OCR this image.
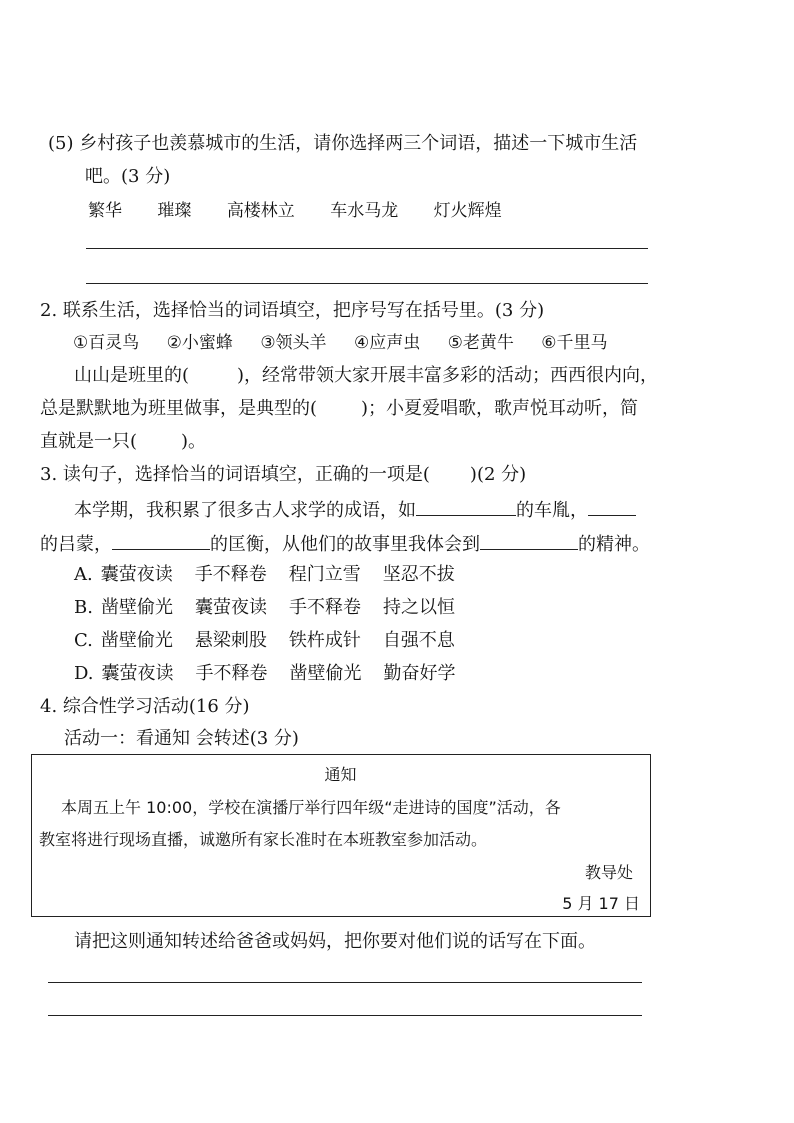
(5) 乡村孩子也羡慕城市的生活，请你选择两三个词语，描述一下城市生活
吧。(3 分)
繁华 璀璨 高楼林立 车水马龙 灯火辉煌
2. 联系生活，选择恰当的词语填空，把序号写在括号里。(3 分)
①百灵鸟 ②小蜜蜂 ③领头羊 ④应声虫 ⑤老黄牛 ⑥千里马
山山是班里的(	)，经常带领大家开展丰富多彩的活动；西西很内向，
总是默默地为班里做事，是典型的( )；小夏爱唱歌，歌声悦耳动听，简
直就是一只( )。
3. 读句子，选择恰当的词语填空，正确的一项是( )(2 分)
本学期，我积累了很多古人求学的成语，如	的车胤，
的吕蒙，	的匡衡，从他们的故事里我体会到	的精神。
A. 囊萤夜读 手不释卷 程门立雪 坚忍不拔
B. 凿壁偷光 囊萤夜读 手不释卷 持之以恒
C. 凿壁偷光 悬梁刺股 铁杵成针 自强不息
D. 囊萤夜读 手不释卷 凿壁偷光 勤奋好学
4. 综合性学习活动(16 分)
活动一：看通知 会转述(3 分)
通知
本周五上午 10:00，学校在演播厅举行四年级“走进诗的国度”活动，各
教室将进行现场直播，诚邀所有家长准时在本班教室参加活动。
教导处
5 月 17 日
请把这则通知转述给爸爸或妈妈，把你要对他们说的话写在下面。
